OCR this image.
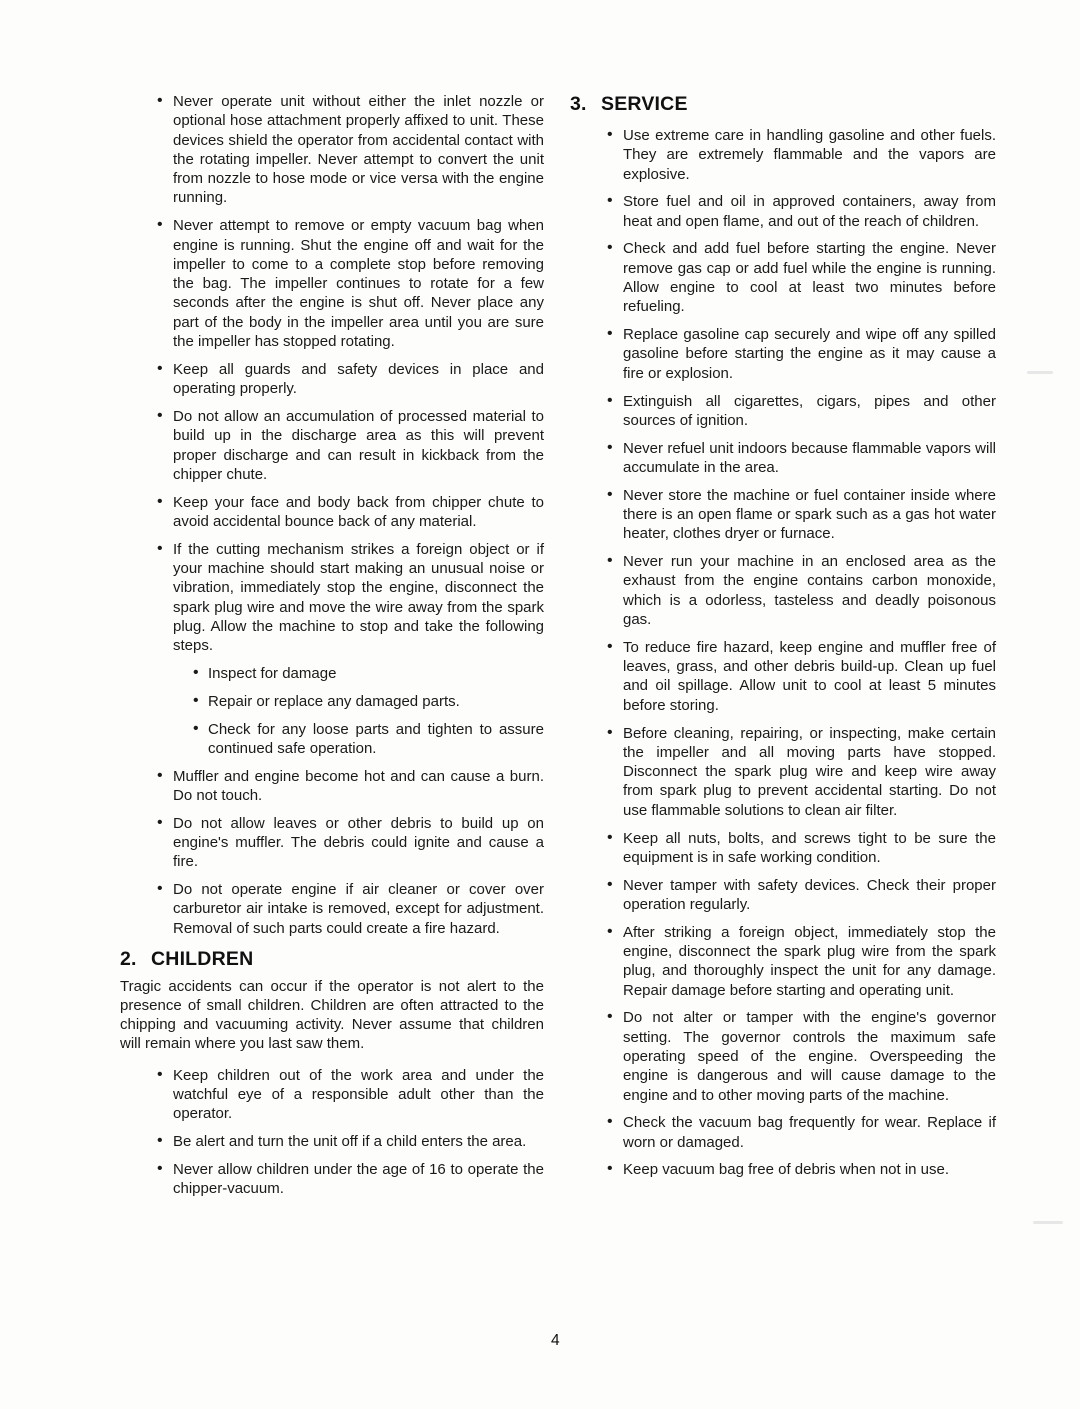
• Never operate unit without either the inlet nozzle or optional hose attachment properly affixed to unit. These devices shield the operator from accidental contact with the rotating impeller. Never attempt to convert the unit from nozzle to hose mode or vice versa with the engine running.
• Never attempt to remove or empty vacuum bag when engine is running. Shut the engine off and wait for the impeller to come to a complete stop before removing the bag. The impeller continues to rotate for a few seconds after the engine is shut off. Never place any part of the body in the impeller area until you are sure the impeller has stopped rotating.
• Keep all guards and safety devices in place and operating properly.
• Do not allow an accumulation of processed material to build up in the discharge area as this will prevent proper discharge and can result in kickback from the chipper chute.
• Keep your face and body back from chipper chute to avoid accidental bounce back of any material.
• If the cutting mechanism strikes a foreign object or if your machine should start making an unusual noise or vibration, immediately stop the engine, disconnect the spark plug wire and move the wire away from the spark plug. Allow the machine to stop and take the following steps.
• Inspect for damage
• Repair or replace any damaged parts.
• Check for any loose parts and tighten to assure continued safe operation.
• Muffler and engine become hot and can cause a burn. Do not touch.
• Do not allow leaves or other debris to build up on engine's muffler. The debris could ignite and cause a fire.
• Do not operate engine if air cleaner or cover over carburetor air intake is removed, except for adjustment. Removal of such parts could create a fire hazard.
2. CHILDREN

Tragic accidents can occur if the operator is not alert to the presence of small children. Children are often attracted to the chipping and vacuuming activity. Never assume that children will remain where you last saw them.

• Keep children out of the work area and under the watchful eye of a responsible adult other than the operator.
• Be alert and turn the unit off if a child enters the area.
• Never allow children under the age of 16 to operate the chipper-vacuum.
3. SERVICE
• Use extreme care in handling gasoline and other fuels. They are extremely flammable and the vapors are explosive.
• Store fuel and oil in approved containers, away from heat and open flame, and out of the reach of children.
• Check and add fuel before starting the engine. Never remove gas cap or add fuel while the engine is running. Allow engine to cool at least two minutes before refueling.
• Replace gasoline cap securely and wipe off any spilled gasoline before starting the engine as it may cause a fire or explosion.
• Extinguish all cigarettes, cigars, pipes and other sources of ignition.
• Never refuel unit indoors because flammable vapors will accumulate in the area.
• Never store the machine or fuel container inside where there is an open flame or spark such as a gas hot water heater, clothes dryer or furnace.
• Never run your machine in an enclosed area as the exhaust from the engine contains carbon monoxide, which is a odorless, tasteless and deadly poisonous gas.
• To reduce fire hazard, keep engine and muffler free of leaves, grass, and other debris build-up. Clean up fuel and oil spillage. Allow unit to cool at least 5 minutes before storing.
• Before cleaning, repairing, or inspecting, make certain the impeller and all moving parts have stopped. Disconnect the spark plug wire and keep wire away from spark plug to prevent accidental starting. Do not use flammable solutions to clean air filter.
• Keep all nuts, bolts, and screws tight to be sure the equipment is in safe working condition.
• Never tamper with safety devices. Check their proper operation regularly.
• After striking a foreign object, immediately stop the engine, disconnect the spark plug wire from the spark plug, and thoroughly inspect the unit for any damage. Repair damage before starting and operating unit.
• Do not alter or tamper with the engine's governor setting. The governor controls the maximum safe operating speed of the engine. Overspeeding the engine is dangerous and will cause damage to the engine and to other moving parts of the machine.
• Check the vacuum bag frequently for wear. Replace if worn or damaged.
• Keep vacuum bag free of debris when not in use.
4
